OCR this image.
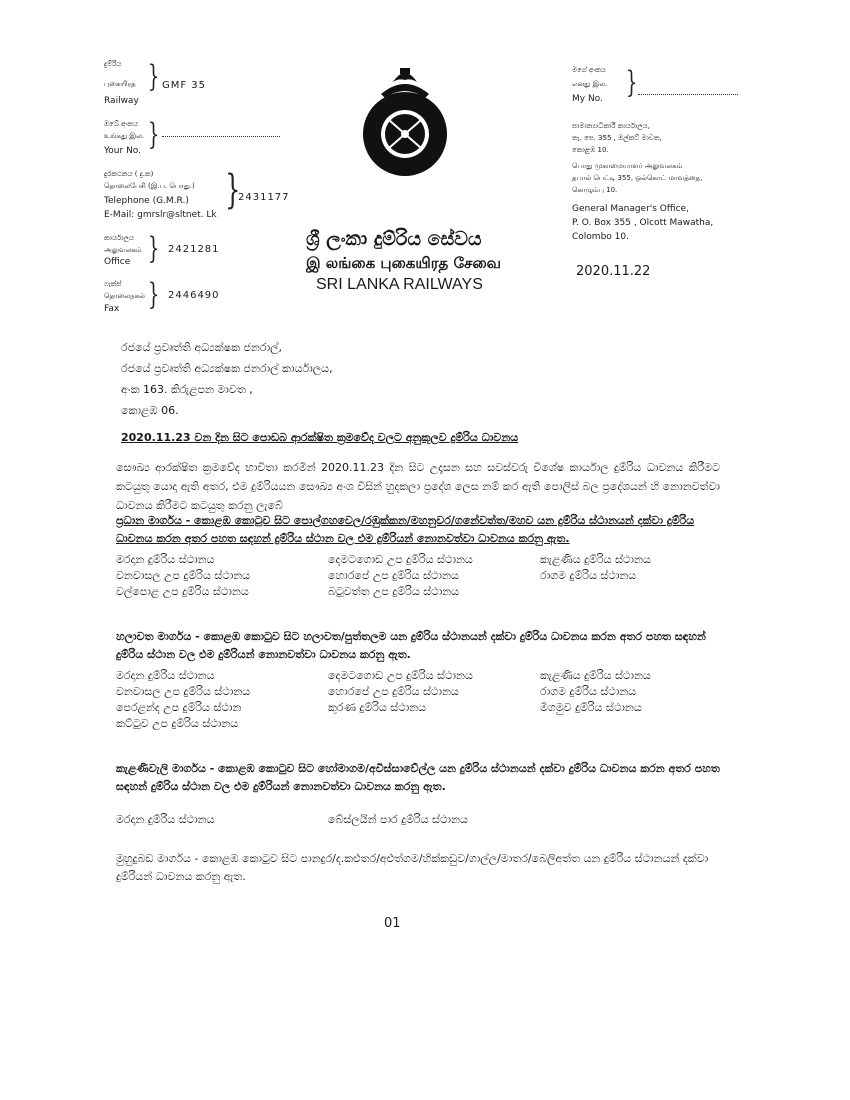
දුම්රිය
புகையிரத
Railway
} GMF 35
ඔබේ අංකය
உங்கது இல.
Your No. }
දුරකථනය ( දු.ක)
தொலைபேசி (இ.ப. பொது.)
Telephone (G.M.R.)
E-Mail: gmrslr@sltnet. Lk
}
2431177
කාර්යාලය
அலுவலகம்
Office } 2421281
ෆැක්ස්
தொலைநகல்
Fax } 2446490
ශ්‍රී ලංකා දුම්රිය සේවය
இ லங்கை புகையிரத சேவை
SRI LANKA RAILWAYS
මගේ අංකය
எனது இல.
My No. }
සාමාන්‍යාධිකාරී කාර්යාලය,
තැ. පෙ. 355 , ඔල්කට් මාවත,
කොළඹ 10.
பொது முகாமையாளர் அலுவலகம்
தபால் பெட்டி 355, ஒல்கொட் மாவத்தை,
கொழும்பு 10.
General Manager's Office,
P. O. Box 355 , Olcott Mawatha,
Colombo 10.
2020.11.22
රජයේ ප්‍රවෘත්ති අධ්‍යක්ෂක ජනරාල්,
රජයේ ප්‍රවෘත්ති අධ්‍යක්ෂක ජනරාල් කාර්යාලය,
අංක 163. කිරුළපන මාවත ,
කොළඹ 06.
2020.11.23 වන දින සිට පොඩබ ආරක්ෂිත ක්‍රමවේද වලට අනුකූලව දුම්රිය ධාවනය
සෞඛ්‍ය ආරක්ෂිත ක්‍රමවේද භාවිතා කරමින් 2020.11.23 දින සිට උදෑසන සහ සවස්වරු විශේෂ කාර්යාල දුම්රිය ධාවනය කිරීමට කටයුතු යොදා ඇති අතර, එම දුම්රියයන සෞඛ්‍ය අංශ විසින් හුදකලා ප්‍රදේශ ලෙස නම් කර ඇති පොලිස් බල ප්‍රදේශයන් හි නොනවත්වා ධාවනය කිරීමට කටයුතු කරනු ලැබේ
ප්‍රධාන මාර්ගය - කොළඹ කොටුව සිට පොල්ගහවෙල/රඹුක්කන/මහනුවර/ගනේවත්ත/මහව යන දුම්රිය ස්ථානයන් දක්වා දුම්රිය ධාවනය කරන අතර පහත සඳහන් දුම්රිය ස්ථාන වල එම දුම්රියන් නොනවත්වා ධාවනය කරනු ඇත.
මරදාන දුම්රිය ස්ථානය	දෙමටගොඩ උප දුම්රිය ස්ථානය	කැළණිය දුම්රිය ස්ථානය
වනවාසල උප දුම්රිය ස්ථානය	හොරපේ උප දුම්රිය ස්ථානය	රාගම දුම්රිය ස්ථානය
වල්පොළ උප දුම්රිය ස්ථානය	බටුවත්ත උප දුම්රිය ස්ථානය
හලාවත මාර්ගය - කොළඹ කොටුව සිට හලාවත/පුත්තලම යන දුම්රිය ස්ථානයන් දක්වා දුම්රිය ධාවනය කරන අතර පහත සඳහන් දුම්රිය ස්ථාන වල එම දුම්රියන් නොනවත්වා ධාවනය කරනු ඇත.
මරදාන දුම්රිය ස්ථානය	දෙමටගොඩ උප දුම්රිය ස්ථානය	කැළණිය දුම්රිය ස්ථානය
වනවාසල උප දුම්රිය ස්ථානය	හොරපේ උප දුම්රිය ස්ථානය	රාගම දුම්රිය ස්ථානය
පෙරළන්ද උප දුම්රිය ස්ථාන	කුරණ දුම්රිය ස්ථානය	මීගමුව දුම්රිය ස්ථානය
කට්ටුව උප දුම්රිය ස්ථානය
කැළණිවැලි මාර්ගය - කොළඹ කොටුව සිට හෝමාගම/අවිස්සාවේල්ල යන දුම්රිය ස්ථානයන් දක්වා දුම්රිය ධාවනය කරන අතර පහත සඳහන් දුම්රිය ස්ථාන වල එම දුම්රියන් නොනවත්වා ධාවනය කරනු ඇත.
මරදාන දුම්රිය ස්ථානය	බේස්ලයින් පාර දුම්රිය ස්ථානය
මුහුදුබඩ මාර්ගය - කොළඹ කොටුව සිට පානදුර/ද.කළුතර/අළුත්ගම/හික්කඩුව/ගාල්ල/මාතර/බෙලිඅත්ත යන දුම්රිය ස්ථානයන් දක්වා දුම්රියන් ධාවනය කරනු ඇත.
01
